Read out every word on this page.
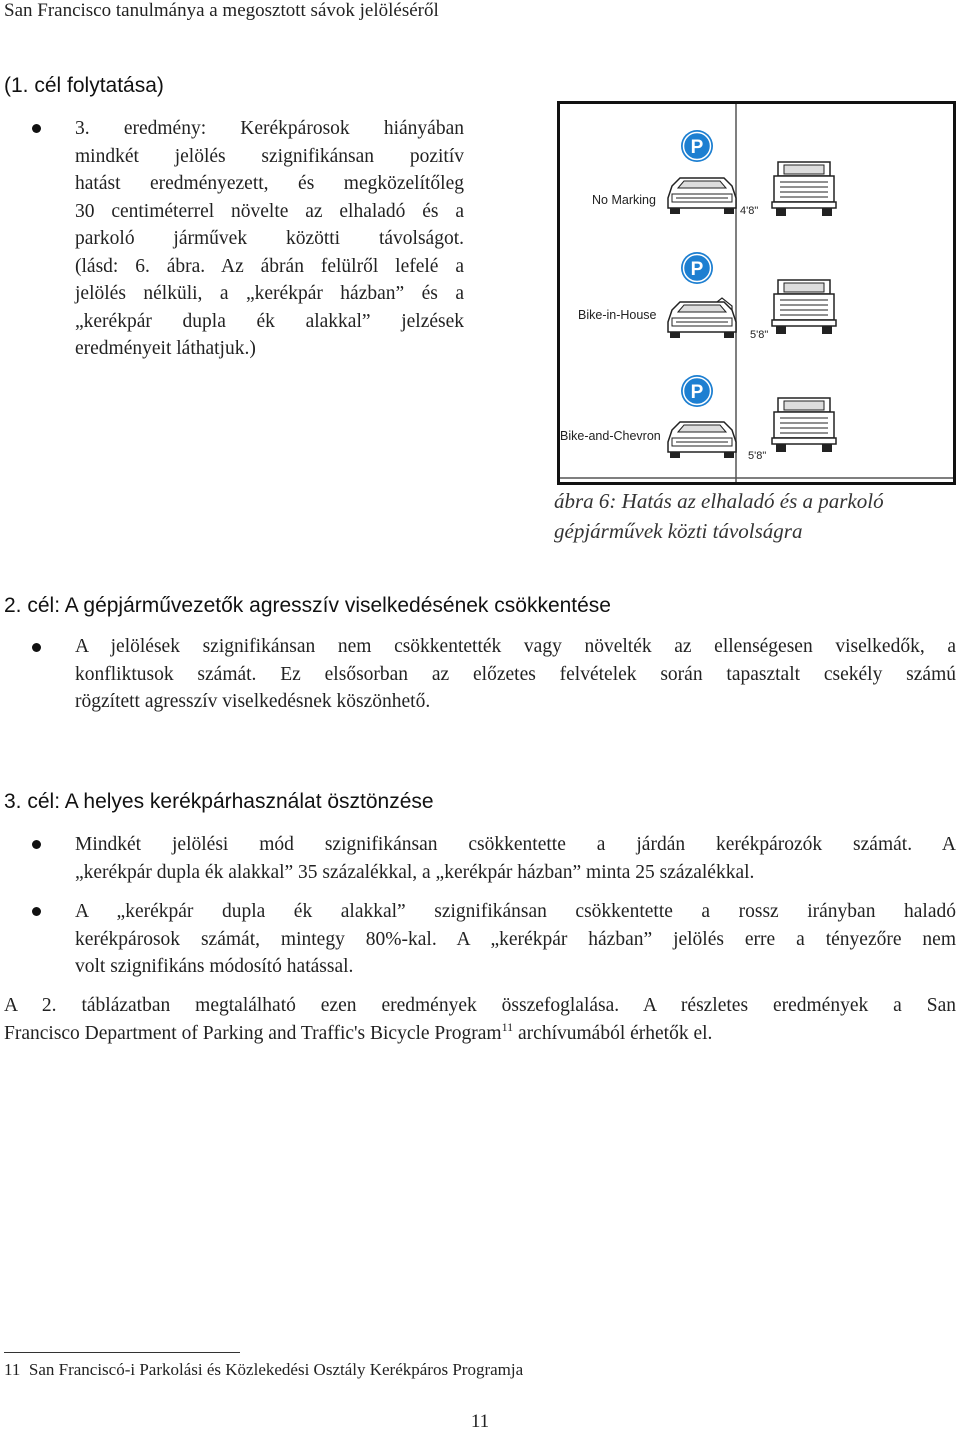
San Francisco tanulmánya a megosztott sávok jelöléséről
(1. cél folytatása)
3. eredmény: Kerékpárosok hiányában
mindkét jelölés szignifikánsan pozitív
hatást eredményezett, és megközelítőleg
30 centiméterrel növelte az elhaladó és a
parkoló járművek közötti távolságot.
(lásd: 6. ábra. Az ábrán felülről lefelé a
jelölés nélküli, a „kerékpár házban” és a
„kerékpár dupla ék alakkal” jelzések
eredményeit láthatjuk.)
P
No Marking
4'8"
P
Bike-in-House
5'8"
P
Bike-and-Chevron
5'8"
ábra 6: Hatás az elhaladó és a parkoló
gépjárművek közti távolságra
2. cél: A gépjárművezetők agresszív viselkedésének csökkentése
A jelölések szignifikánsan nem csökkentették vagy növelték az ellenségesen viselkedők, a
konfliktusok számát. Ez elsősorban az előzetes felvételek során tapasztalt csekély számú
rögzített agresszív viselkedésnek köszönhető.
3. cél: A helyes kerékpárhasználat ösztönzése
Mindkét jelölési mód szignifikánsan csökkentette a járdán kerékpározók számát. A
„kerékpár dupla ék alakkal” 35 százalékkal, a „kerékpár házban” minta 25 százalékkal.
A „kerékpár dupla ék alakkal” szignifikánsan csökkentette a rossz irányban haladó
kerékpárosok számát, mintegy 80%-kal. A „kerékpár házban” jelölés erre a tényezőre nem
volt szignifikáns módosító hatással.
A 2. táblázatban megtalálható ezen eredmények összefoglalása. A részletes eredmények a San
Francisco Department of Parking and Traffic's Bicycle Program$^{11}$ archívumából érhetők el.
11 San Franciscó-i Parkolási és Közlekedési Osztály Kerékpáros Programja
11
